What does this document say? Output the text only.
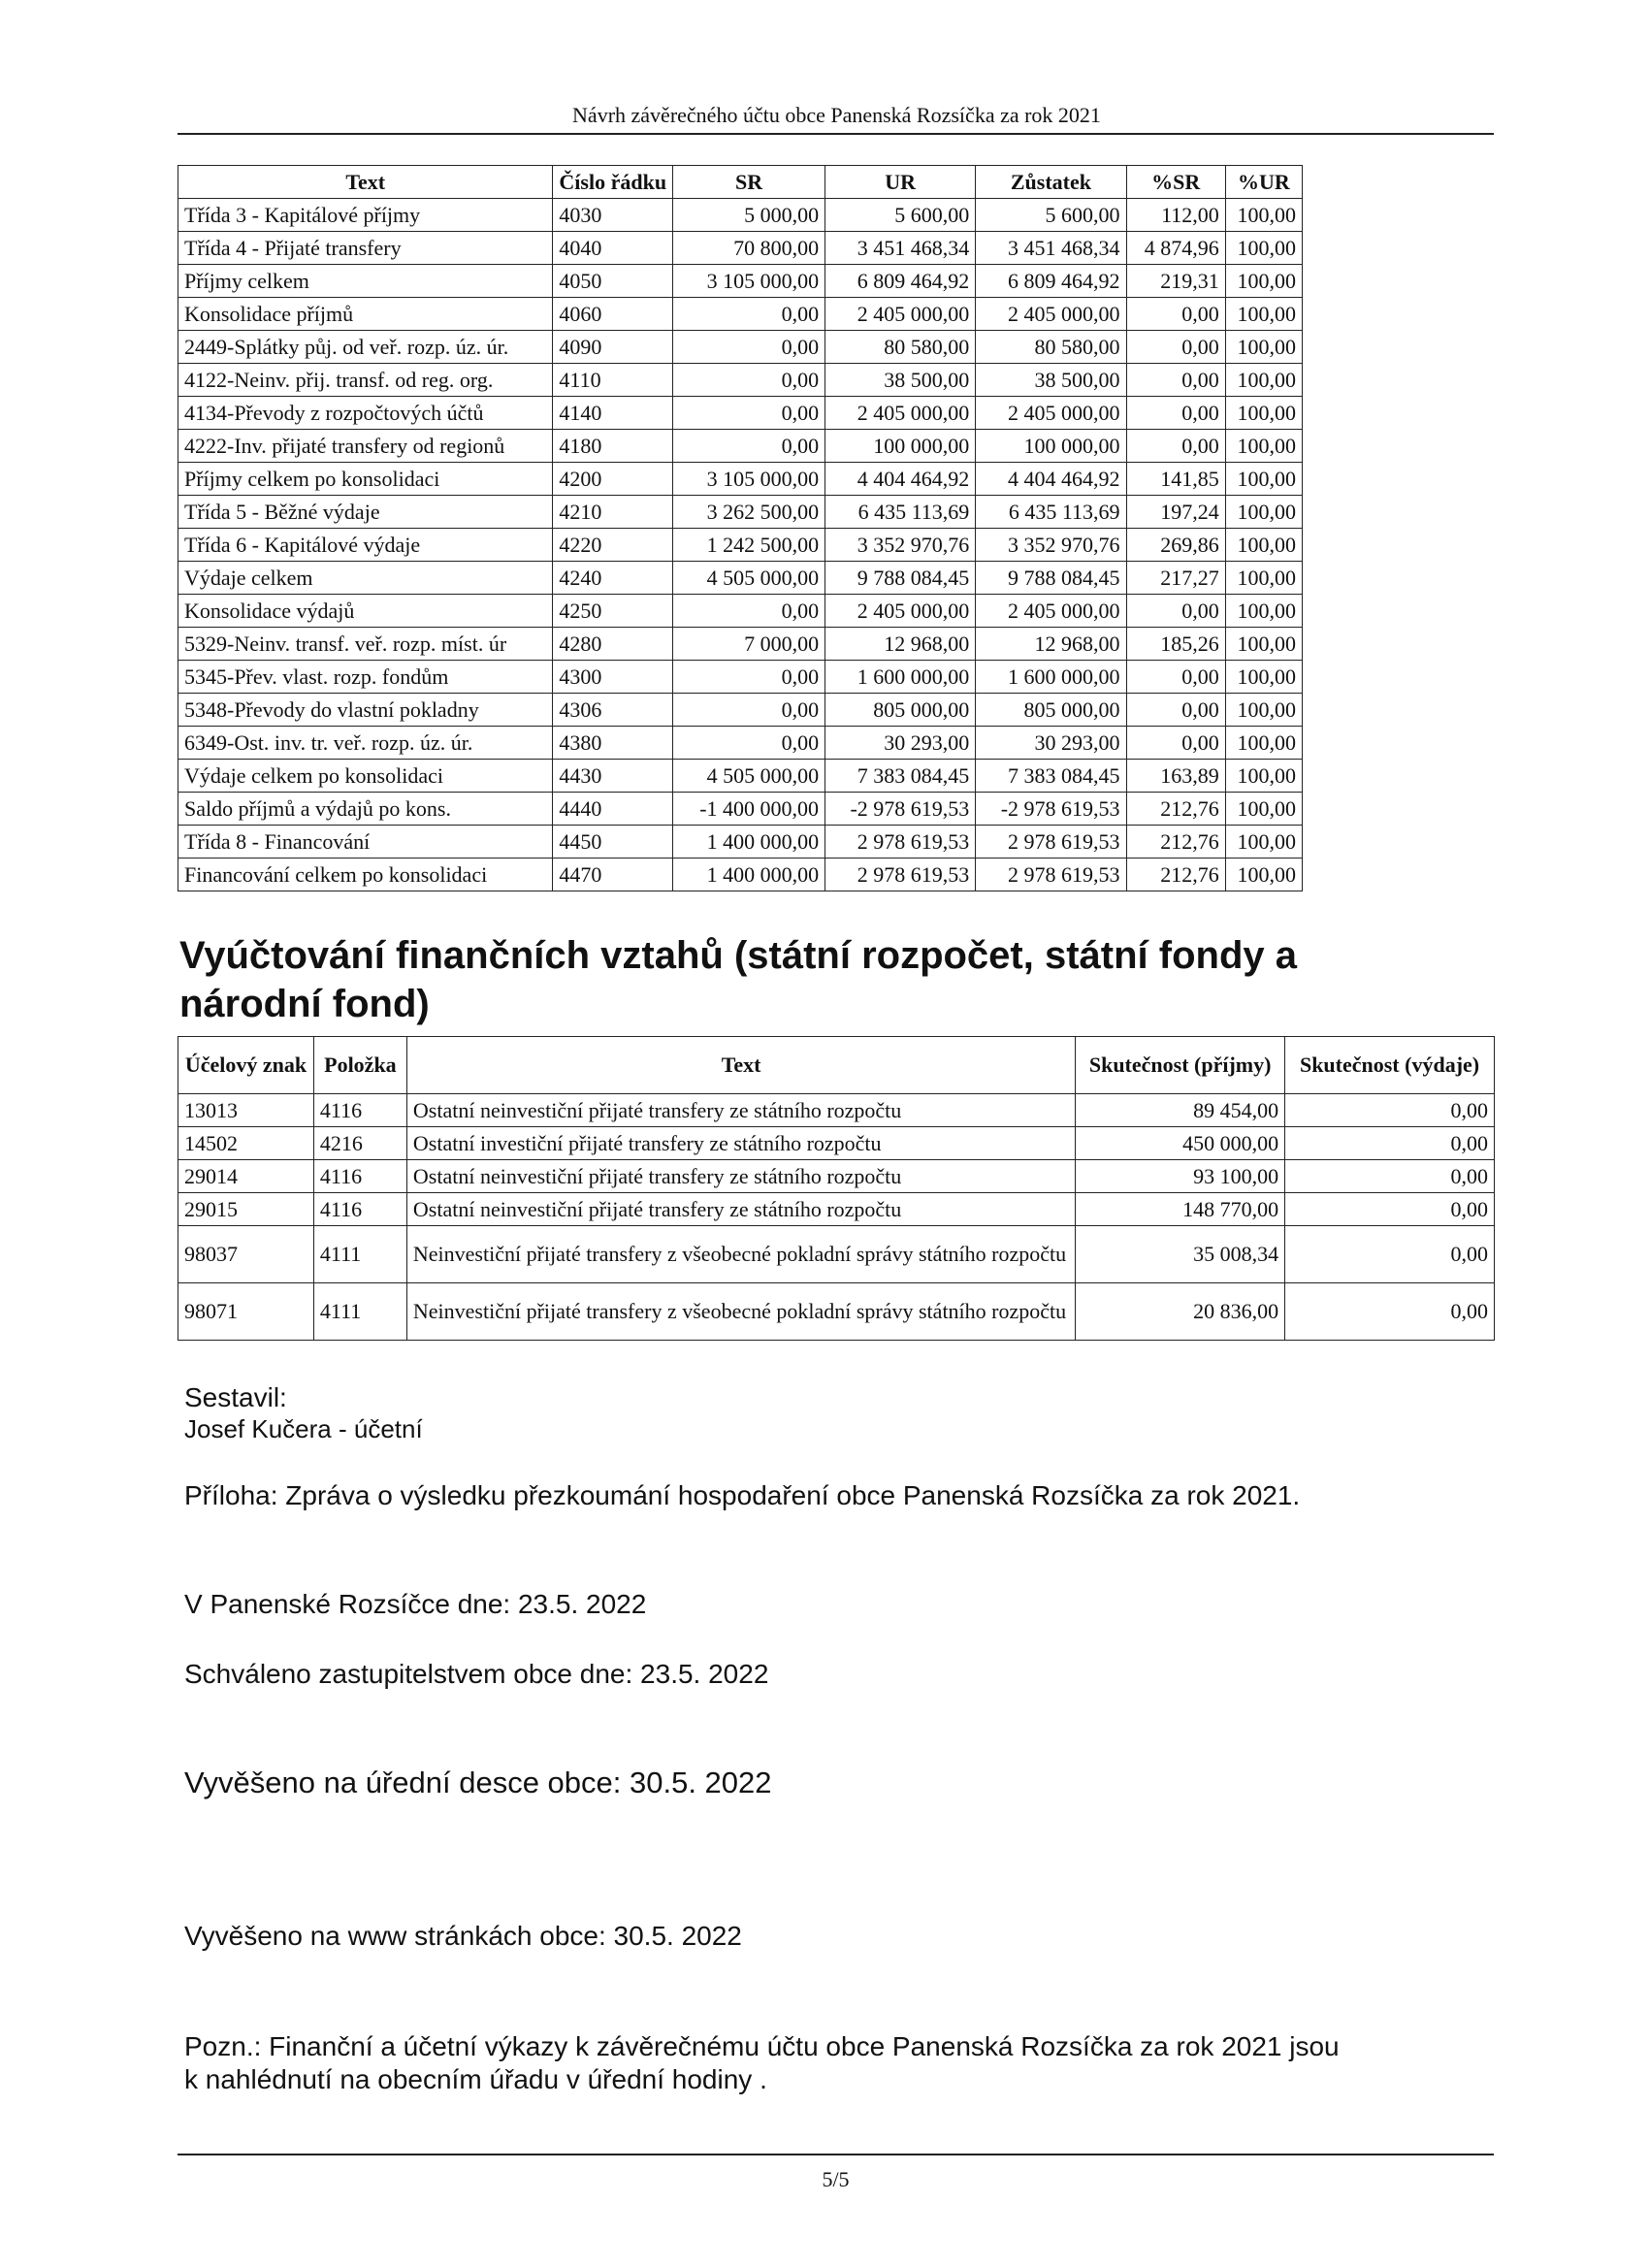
Návrh závěrečného účtu obce Panenská Rozsíčka za rok 2021
Text	Číslo řádku	SR	UR	Zůstatek	%SR	%UR
Třída 3 - Kapitálové příjmy	4030	5 000,00	5 600,00	5 600,00	112,00	100,00
Třída 4 - Přijaté transfery	4040	70 800,00	3 451 468,34	3 451 468,34	4 874,96	100,00
Příjmy celkem	4050	3 105 000,00	6 809 464,92	6 809 464,92	219,31	100,00
Konsolidace příjmů	4060	0,00	2 405 000,00	2 405 000,00	0,00	100,00
2449-Splátky půj. od veř. rozp. úz. úr.	4090	0,00	80 580,00	80 580,00	0,00	100,00
4122-Neinv. přij. transf. od reg. org.	4110	0,00	38 500,00	38 500,00	0,00	100,00
4134-Převody z rozpočtových účtů	4140	0,00	2 405 000,00	2 405 000,00	0,00	100,00
4222-Inv. přijaté transfery od regionů	4180	0,00	100 000,00	100 000,00	0,00	100,00
Příjmy celkem po konsolidaci	4200	3 105 000,00	4 404 464,92	4 404 464,92	141,85	100,00
Třída 5 - Běžné výdaje	4210	3 262 500,00	6 435 113,69	6 435 113,69	197,24	100,00
Třída 6 - Kapitálové výdaje	4220	1 242 500,00	3 352 970,76	3 352 970,76	269,86	100,00
Výdaje celkem	4240	4 505 000,00	9 788 084,45	9 788 084,45	217,27	100,00
Konsolidace výdajů	4250	0,00	2 405 000,00	2 405 000,00	0,00	100,00
5329-Neinv. transf. veř. rozp. míst. úr	4280	7 000,00	12 968,00	12 968,00	185,26	100,00
5345-Přev. vlast. rozp. fondům	4300	0,00	1 600 000,00	1 600 000,00	0,00	100,00
5348-Převody do vlastní pokladny	4306	0,00	805 000,00	805 000,00	0,00	100,00
6349-Ost. inv. tr. veř. rozp. úz. úr.	4380	0,00	30 293,00	30 293,00	0,00	100,00
Výdaje celkem po konsolidaci	4430	4 505 000,00	7 383 084,45	7 383 084,45	163,89	100,00
Saldo příjmů a výdajů po kons.	4440	-1 400 000,00	-2 978 619,53	-2 978 619,53	212,76	100,00
Třída 8 - Financování	4450	1 400 000,00	2 978 619,53	2 978 619,53	212,76	100,00
Financování celkem po konsolidaci	4470	1 400 000,00	2 978 619,53	2 978 619,53	212,76	100,00
Vyúčtování finančních vztahů (státní rozpočet, státní fondy a národní fond)
Účelový znak	Položka	Text	Skutečnost (příjmy)	Skutečnost (výdaje)
13013	4116	Ostatní neinvestiční přijaté transfery ze státního rozpočtu	89 454,00	0,00
14502	4216	Ostatní investiční přijaté transfery ze státního rozpočtu	450 000,00	0,00
29014	4116	Ostatní neinvestiční přijaté transfery ze státního rozpočtu	93 100,00	0,00
29015	4116	Ostatní neinvestiční přijaté transfery ze státního rozpočtu	148 770,00	0,00
98037	4111	Neinvestiční přijaté transfery z všeobecné pokladní správy státního rozpočtu	35 008,34	0,00
98071	4111	Neinvestiční přijaté transfery z všeobecné pokladní správy státního rozpočtu	20 836,00	0,00
Sestavil:
Josef Kučera - účetní
Příloha: Zpráva o výsledku přezkoumání hospodaření obce Panenská Rozsíčka za rok 2021.
V Panenské Rozsíčce dne: 23.5. 2022
Schváleno zastupitelstvem obce dne: 23.5. 2022
Vyvěšeno na úřední desce obce: 30.5. 2022
Vyvěšeno na www stránkách obce: 30.5. 2022
Pozn.: Finanční a účetní výkazy k závěrečnému účtu obce Panenská Rozsíčka za rok 2021 jsou
k nahlédnutí na obecním úřadu v úřední hodiny .
5/5
